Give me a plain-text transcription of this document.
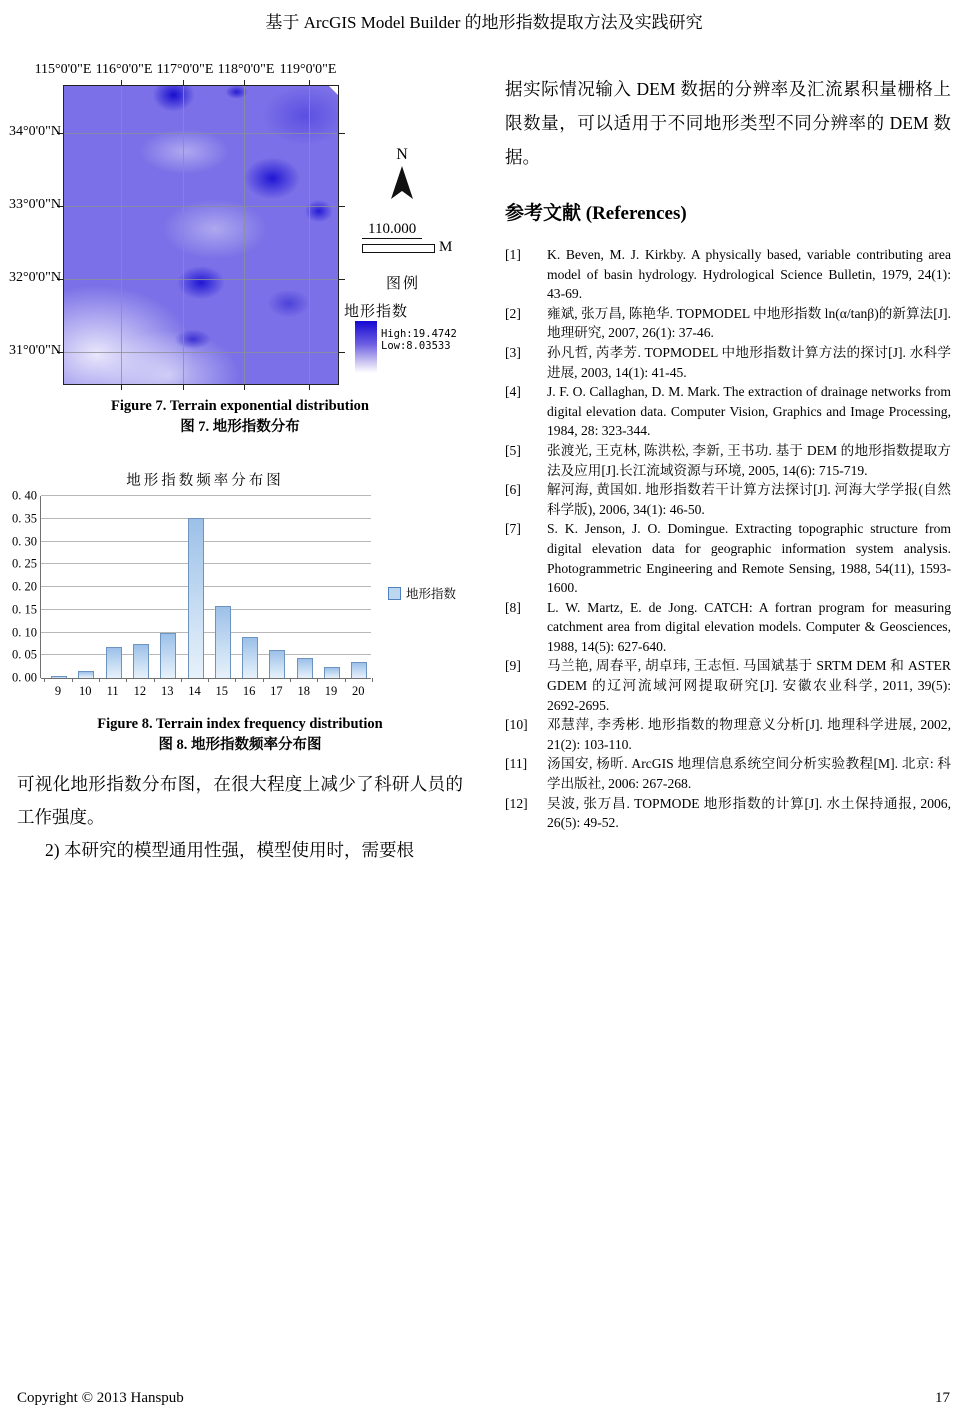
基于 ArcGIS Model Builder 的地形指数提取方法及实践研究
N
110.000
M
图例
地形指数
High:19.4742
Low:8.03533
115°0'0"E 116°0'0"E 117°0'0"E 118°0'0"E 119°0'0"E
34°0'0"N
33°0'0"N
32°0'0"N
31°0'0"N
Figure 7. Terrain exponential distribution
图 7. 地形指数分布
地形指数频率分布图
0. 00
0. 05
0. 10
0. 15
0. 20
0. 25
0. 30
0. 35
0. 40
9 10 11 12 13 14 15 16 17 18 19 20
地形指数
Figure 8. Terrain index frequency distribution
图 8. 地形指数频率分布图

可视化地形指数分布图，在很大程度上减少了科研人员的工作强度。

2) 本研究的模型通用性强，模型使用时，需要根

据实际情况输入 DEM 数据的分辨率及汇流累积量栅格上限数量，可以适用于不同地形类型不同分辨率的 DEM 数据。

参考文献 (References)
[1]	K. Beven, M. J. Kirkby. A physically based, variable contributing area model of basin hydrology. Hydrological Science Bulletin, 1979, 24(1): 43-69.
[2]	雍斌, 张万昌, 陈艳华. TOPMODEL 中地形指数 ln(α/tanβ)的新算法[J]. 地理研究, 2007, 26(1): 37-46.
[3]	孙凡哲, 芮孝芳. TOPMODEL 中地形指数计算方法的探讨[J]. 水科学进展, 2003, 14(1): 41-45.
[4]	J. F. O. Callaghan, D. M. Mark. The extraction of drainage networks from digital elevation data. Computer Vision, Graphics and Image Processing, 1984, 28: 323-344.
[5]	张渡光, 王克林, 陈洪松, 李新, 王书功. 基于 DEM 的地形指数提取方法及应用[J].长江流域资源与环境, 2005, 14(6): 715-719.
[6]	解河海, 黄国如. 地形指数若干计算方法探讨[J]. 河海大学学报(自然科学版), 2006, 34(1): 46-50.
[7]	S. K. Jenson, J. O. Domingue. Extracting topographic structure from digital elevation data for geographic information system analysis. Photogrammetric Engineering and Remote Sensing, 1988, 54(11), 1593-1600.
[8]	L. W. Martz, E. de Jong. CATCH: A fortran program for measuring catchment area from digital elevation models. Computer & Geosciences, 1988, 14(5): 627-640.
[9]	马兰艳, 周春平, 胡卓玮, 王志恒. 马国斌基于 SRTM DEM 和 ASTER GDEM 的辽河流域河网提取研究[J]. 安徽农业科学, 2011, 39(5): 2692-2695.
[10]	邓慧萍, 李秀彬. 地形指数的物理意义分析[J]. 地理科学进展, 2002, 21(2): 103-110.
[11]	汤国安, 杨昕. ArcGIS 地理信息系统空间分析实验教程[M]. 北京: 科学出版社, 2006: 267-268.
[12]	吴波, 张万昌. TOPMODE 地形指数的计算[J]. 水土保持通报, 2006, 26(5): 49-52.
Copyright © 2013 Hanspub	17
